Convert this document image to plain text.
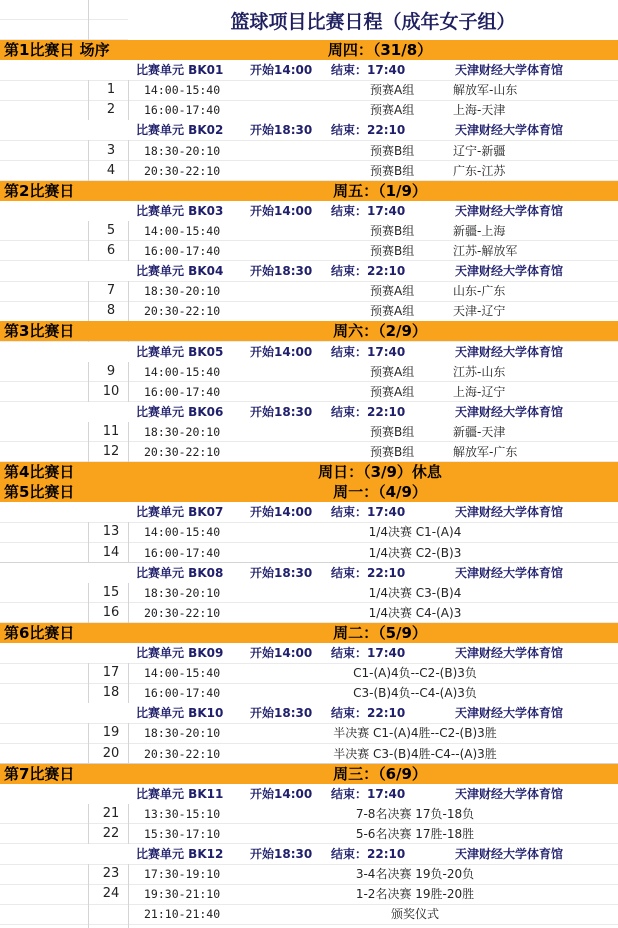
篮球项目比赛日程（成年女子组）
第1比赛日 场序	周四：（31/8）
比赛单元 BK01 开始14:00 结束：17:40	天津财经大学体育馆
1	14:00-15:40	预赛A组	解放军-山东
2	16:00-17:40	预赛A组	上海-天津
比赛单元 BK02 开始18:30 结束：22:10	天津财经大学体育馆
3	18:30-20:10	预赛B组	辽宁-新疆
4	20:30-22:10	预赛B组	广东-江苏
第2比赛日	周五：（1/9）
比赛单元 BK03 开始14:00 结束：17:40	天津财经大学体育馆
5	14:00-15:40	预赛B组	新疆-上海
6	16:00-17:40	预赛B组	江苏-解放军
比赛单元 BK04 开始18:30 结束：22:10	天津财经大学体育馆
7	18:30-20:10	预赛A组	山东-广东
8	20:30-22:10	预赛A组	天津-辽宁
第3比赛日	周六：（2/9）
比赛单元 BK05 开始14:00 结束：17:40	天津财经大学体育馆
9	14:00-15:40	预赛A组	江苏-山东
10 16:00-17:40	预赛A组	上海-辽宁
比赛单元 BK06 开始18:30 结束：22:10	天津财经大学体育馆
11 18:30-20:10	预赛B组	新疆-天津
12 20:30-22:10	预赛B组	解放军-广东
第4比赛日	周日：（3/9）休息
第5比赛日	周一：（4/9）
比赛单元 BK07 开始14:00 结束：17:40	天津财经大学体育馆
13 14:00-15:40	1/4决赛 C1-(A)4
14 16:00-17:40	1/4决赛 C2-(B)3
比赛单元 BK08 开始18:30 结束：22:10	天津财经大学体育馆
15 18:30-20:10	1/4决赛 C3-(B)4
16 20:30-22:10	1/4决赛 C4-(A)3
第6比赛日	周二：（5/9）
比赛单元 BK09 开始14:00 结束：17:40	天津财经大学体育馆
17 14:00-15:40	C1-(A)4负--C2-(B)3负
18 16:00-17:40	C3-(B)4负--C4-(A)3负
比赛单元 BK10 开始18:30 结束：22:10	天津财经大学体育馆
19 18:30-20:10	半决赛 C1-(A)4胜--C2-(B)3胜
20 20:30-22:10	半决赛 C3-(B)4胜-C4--(A)3胜
第7比赛日	周三：（6/9）
比赛单元 BK11 开始14:00 结束：17:40	天津财经大学体育馆
21 13:30-15:10	7-8名决赛 17负-18负
22 15:30-17:10	5-6名决赛 17胜-18胜
比赛单元 BK12 开始18:30 结束：22:10	天津财经大学体育馆
23 17:30-19:10	3-4名决赛 19负-20负
24 19:30-21:10	1-2名决赛 19胜-20胜
21:10-21:40	颁奖仪式
